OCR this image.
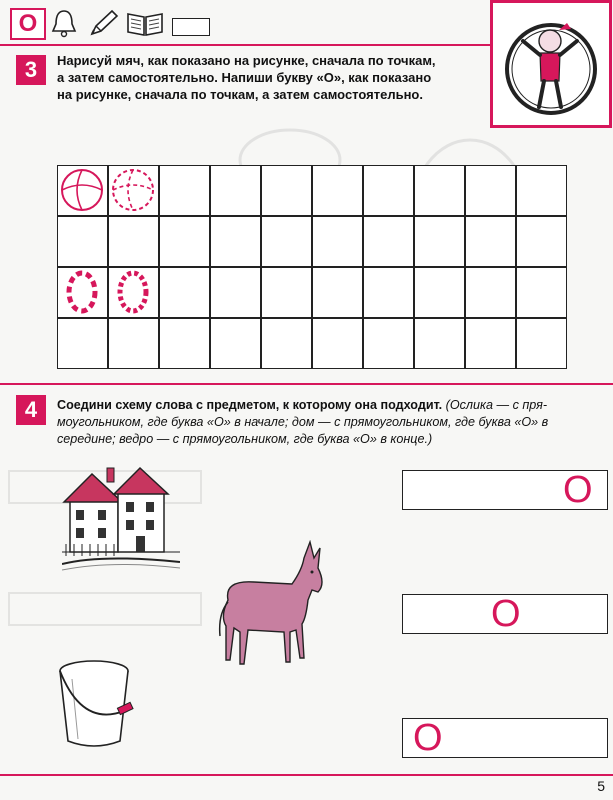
О
3	Нарисуй мяч, как показано на рисунке, сначала по точкам,
а затем самостоятельно. Напиши букву «О», как показано
на рисунке, сначала по точкам, а затем самостоятельно.
4	Соедини схему слова с предметом, к которому она подходит. (Ослика — с пря-
моугольником, где буква «О» в начале; дом — с прямоугольником, где буква «О» в
середине; ведро — с прямоугольником, где буква «О» в конце.)
О
О
О
5
